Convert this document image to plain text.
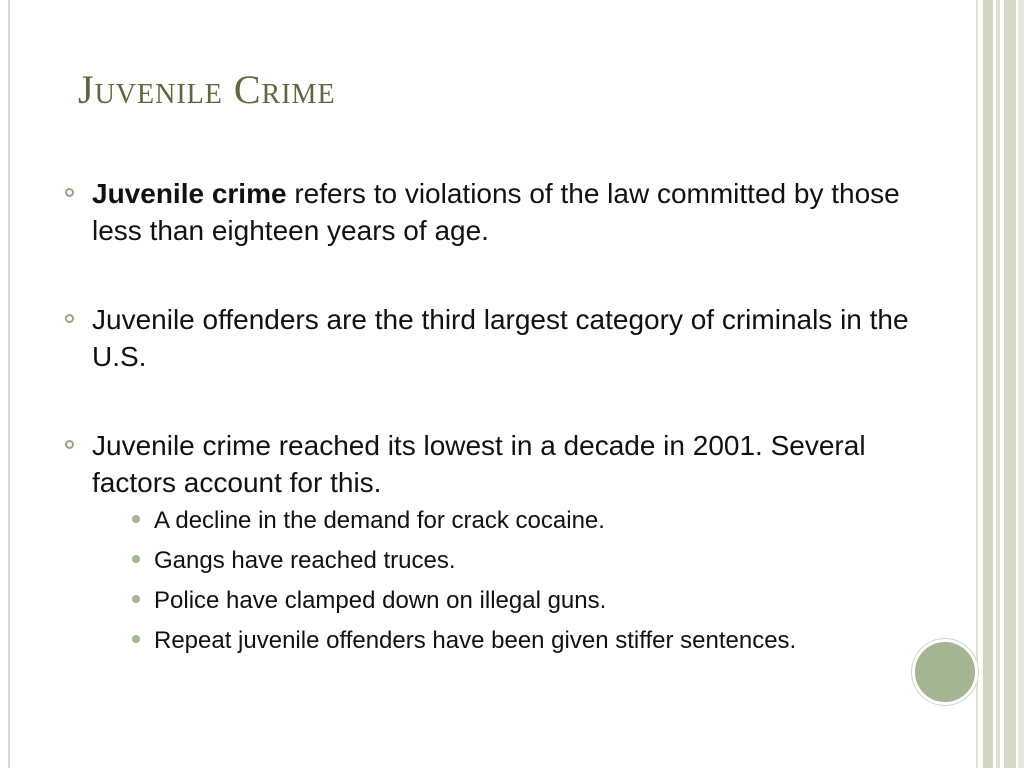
Juvenile Crime
Juvenile crime refers to violations of the law committed by those less than eighteen years of age.
Juvenile offenders are the third largest category of criminals in the U.S.
Juvenile crime reached its lowest in a decade in 2001. Several factors account for this.
A decline in the demand for crack cocaine.
Gangs have reached truces.
Police have clamped down on illegal guns.
Repeat juvenile offenders have been given stiffer sentences.
